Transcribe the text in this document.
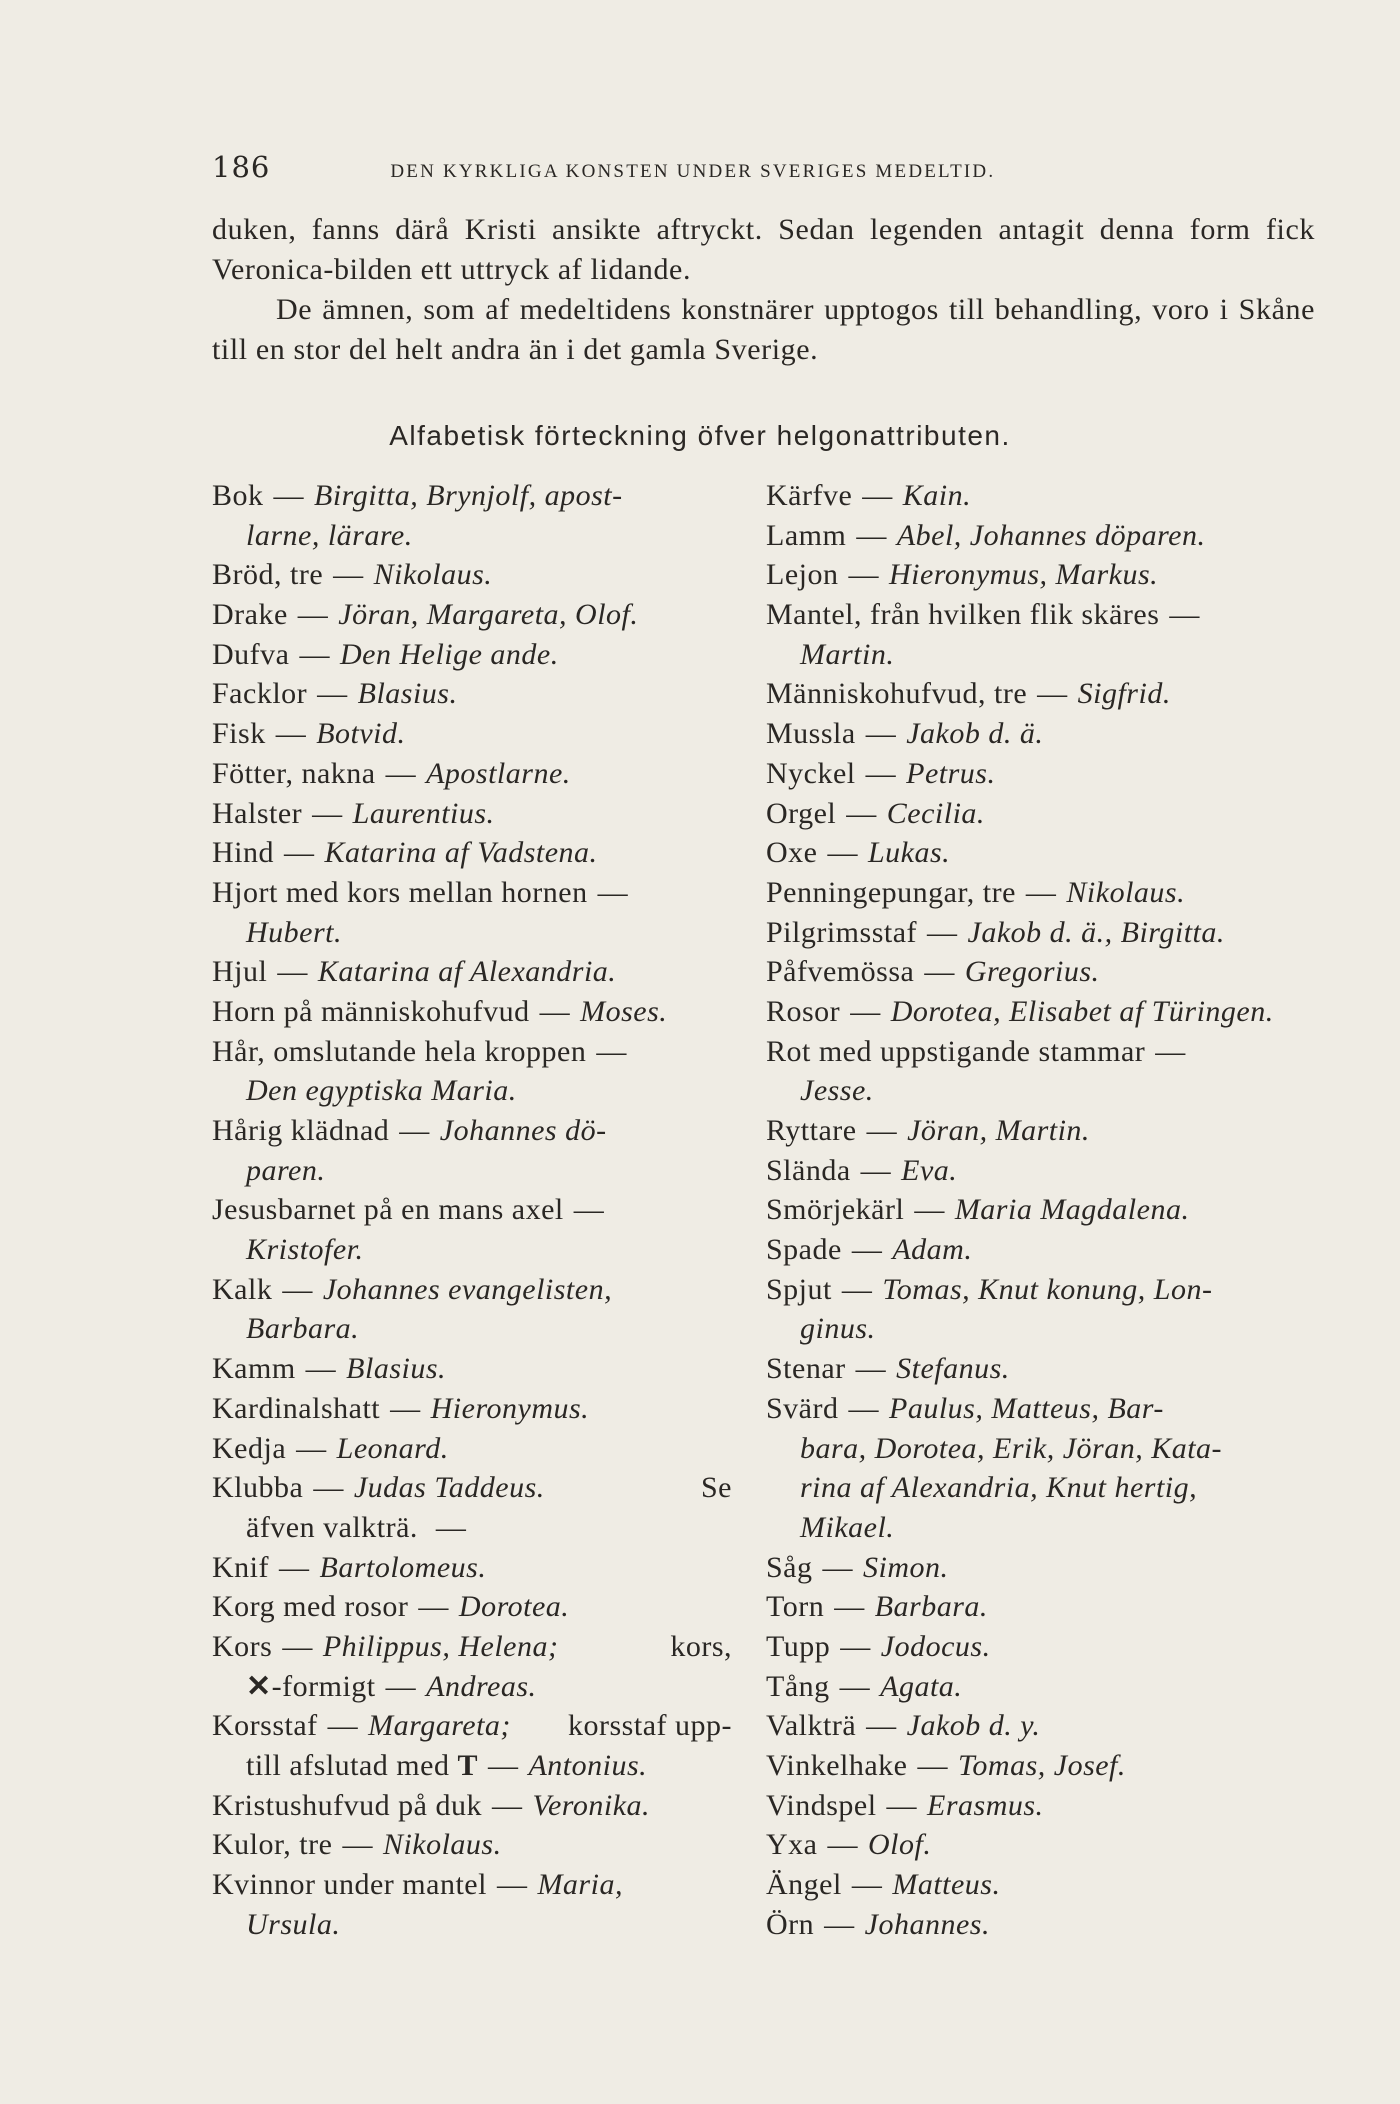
186	DEN KYRKLIGA KONSTEN UNDER SVERIGES MEDELTID.

duken, fanns därå Kristi ansikte aftryckt. Sedan legenden antagit denna form fick Veronica-bilden ett uttryck af lidande.

De ämnen, som af medeltidens konstnärer upptogos till behandling, voro i Skåne till en stor del helt andra än i det gamla Sverige.

Alfabetisk förteckning öfver helgonattributen.
Bok — Birgitta, Brynjolf, apost-
larne, lärare.
Bröd, tre — Nikolaus.
Drake — Jöran, Margareta, Olof.
Dufva — Den Helige ande.
Facklor — Blasius.
Fisk — Botvid.
Fötter, nakna — Apostlarne.
Halster — Laurentius.
Hind — Katarina af Vadstena.
Hjort med kors mellan hornen —
Hubert.
Hjul — Katarina af Alexandria.
Horn på människohufvud — Moses.
Hår, omslutande hela kroppen —
Den egyptiska Maria.
Hårig klädnad — Johannes dö-
paren.
Jesusbarnet på en mans axel —
Kristofer.
Kalk — Johannes evangelisten,
Barbara.
Kamm — Blasius.
Kardinalshatt — Hieronymus.
Kedja — Leonard.
Klubba — Judas Taddeus.	Se
äfven valkträ. —
Knif — Bartolomeus.
Korg med rosor — Dorotea.
Kors — Philippus, Helena;	kors,
✕-formigt — Andreas.
Korsstaf — Margareta; korsstaf upp-
till afslutad med T — Antonius.
Kristushufvud på duk — Veronika.
Kulor, tre — Nikolaus.
Kvinnor under mantel — Maria,
Ursula.
Kärfve — Kain.
Lamm — Abel, Johannes döparen.
Lejon — Hieronymus, Markus.
Mantel, från hvilken flik skäres —
Martin.
Människohufvud, tre — Sigfrid.
Mussla — Jakob d. ä.
Nyckel — Petrus.
Orgel — Cecilia.
Oxe — Lukas.
Penningepungar, tre — Nikolaus.
Pilgrimsstaf — Jakob d. ä., Birgitta.
Påfvemössa — Gregorius.
Rosor — Dorotea, Elisabet af Türingen.
Rot med uppstigande stammar —
Jesse.
Ryttare — Jöran, Martin.
Slända — Eva.
Smörjekärl — Maria Magdalena.
Spade — Adam.
Spjut — Tomas, Knut konung, Lon-
ginus.
Stenar — Stefanus.
Svärd — Paulus, Matteus, Bar-
bara, Dorotea, Erik, Jöran, Kata-
rina af Alexandria, Knut hertig,
Mikael.
Såg — Simon.
Torn — Barbara.
Tupp — Jodocus.
Tång — Agata.
Valkträ — Jakob d. y.
Vinkelhake — Tomas, Josef.
Vindspel — Erasmus.
Yxa — Olof.
Ängel — Matteus.
Örn — Johannes.
